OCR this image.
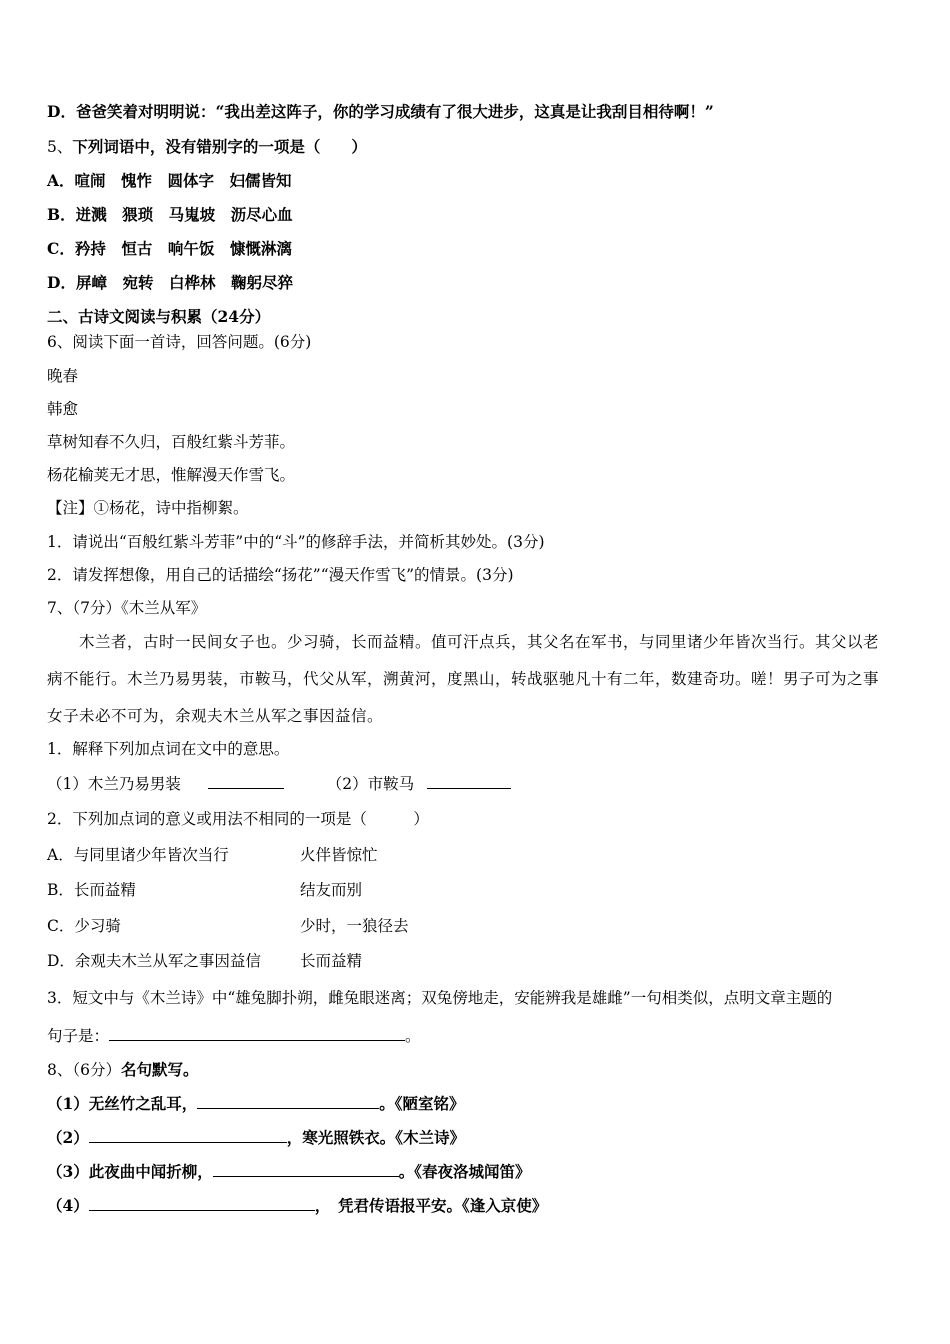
D．爸爸笑着对明明说：“我出差这阵子，你的学习成绩有了很大进步，这真是让我刮目相待啊！”
5、下列词语中，没有错别字的一项是（　　）
A．喧闹　愧怍　圆体字　妇儒皆知
B．迸溅　猥琐　马嵬坡　沥尽心血
C．矜持　恒古　响午饭　慷慨淋漓
D．屏嶂　宛转　白桦林　鞠躬尽猝
二、古诗文阅读与积累（24分）
6、阅读下面一首诗，回答问题。(6分)
晚春
韩愈
草树知春不久归，百般红紫斗芳菲。
杨花榆荚无才思，惟解漫天作雪飞。
【注】①杨花，诗中指柳絮。
1．请说出“百般红紫斗芳菲”中的“斗”的修辞手法，并简析其妙处。(3分)
2．请发挥想像，用自己的话描绘“扬花”“漫天作雪飞”的情景。(3分)
7、（7分）《木兰从军》
　　木兰者，古时一民间女子也。少习骑，长而益精。值可汗点兵，其父名在军书，与同里诸少年皆次当行。其父以老
病不能行。木兰乃易男装，市鞍马，代父从军，溯黄河，度黑山，转战驱驰凡十有二年，数建奇功。嗟！男子可为之事
女子未必不可为，余观夫木兰从军之事因益信。
1．解释下列加点词在文中的意思。
（1）木兰乃易男装	（2）市鞍马
2．下列加点词的意义或用法不相同的一项是（　　　）
A．与同里诸少年皆次当行	火伴皆惊忙
B．长而益精	结友而别
C．少习骑	少时，一狼径去
D．余观夫木兰从军之事因益信	长而益精
3．短文中与《木兰诗》中“雄兔脚扑朔，雌兔眼迷离；双兔傍地走，安能辨我是雄雌”一句相类似，点明文章主题的
句子是：	。
8、（6分）名句默写。
（1）无丝竹之乱耳，	。《陋室铭》
（2）	，寒光照铁衣。《木兰诗》
（3）此夜曲中闻折柳，	。《春夜洛城闻笛》
（4）	，　凭君传语报平安。《逢入京使》
